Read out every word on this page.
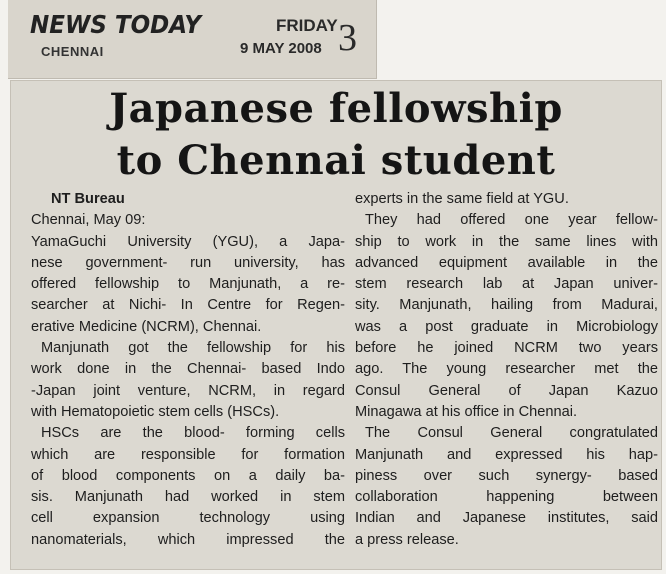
NEWS TODAY
CHENNAI
FRIDAY
9 MAY 2008 3
Japanese fellowship
to Chennai student
NT Bureau
Chennai, May 09:
YamaGuchi University (YGU), a Japa-
nese government- run university, has
offered fellowship to Manjunath, a re-
searcher at Nichi- In Centre for Regen-
erative Medicine (NCRM), Chennai.
Manjunath got the fellowship for his
work done in the Chennai- based Indo
-Japan joint venture, NCRM, in regard
with Hematopoietic stem cells (HSCs).
HSCs are the blood- forming cells
which are responsible for formation
of blood components on a daily ba-
sis. Manjunath had worked in stem
cell expansion technology using
nanomaterials, which impressed the
experts in the same field at YGU.
They had offered one year fellow-
ship to work in the same lines with
advanced equipment available in the
stem research lab at Japan univer-
sity. Manjunath, hailing from Madurai,
was a post graduate in Microbiology
before he joined NCRM two years
ago. The young researcher met the
Consul General of Japan Kazuo
Minagawa at his office in Chennai.
The Consul General congratulated
Manjunath and expressed his hap-
piness over such synergy- based
collaboration happening between
Indian and Japanese institutes, said
a press release.
